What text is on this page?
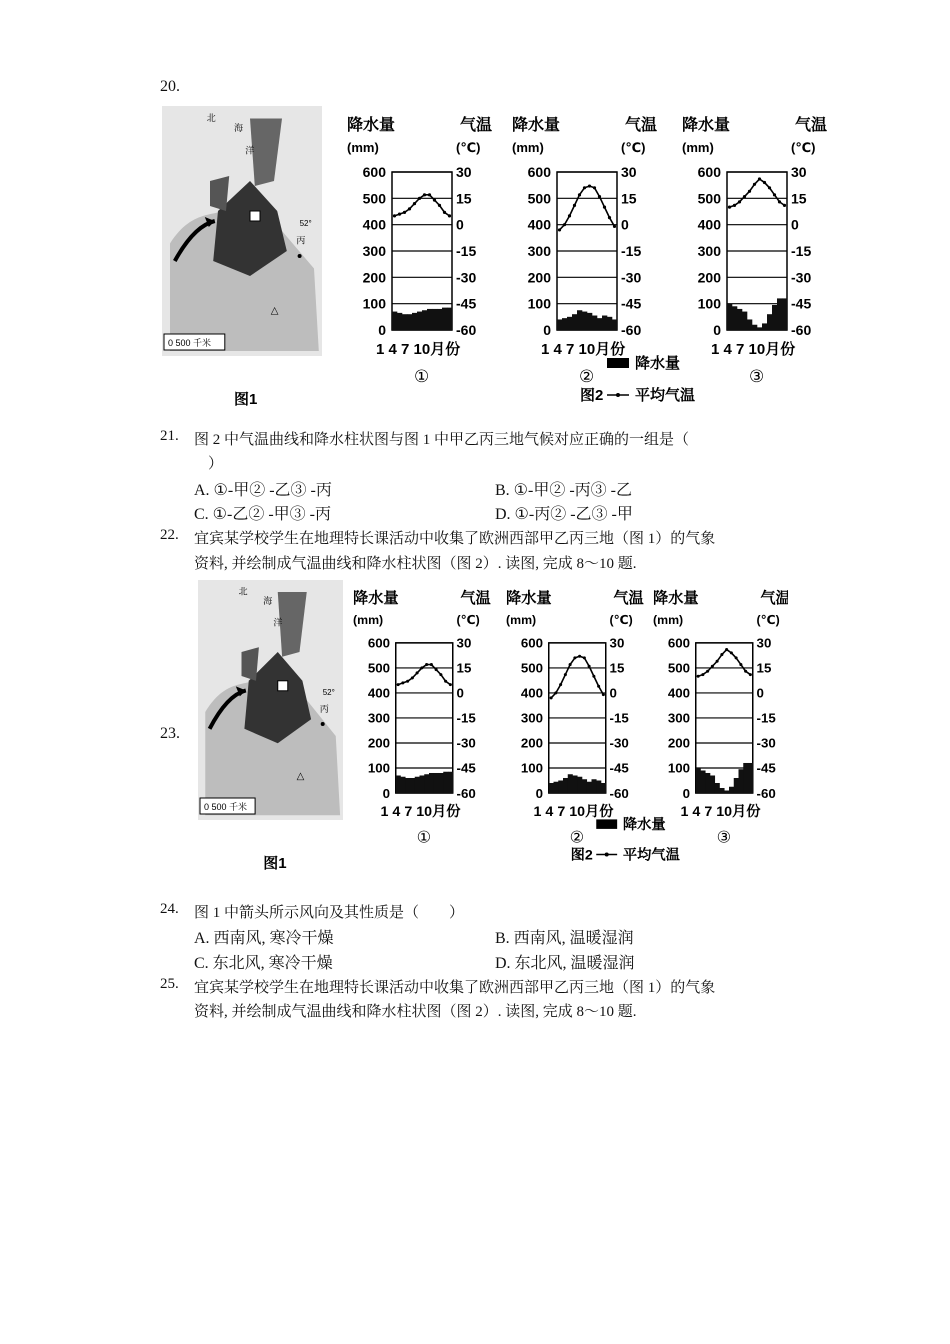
20.
北
海
洋
丙
△
52°
0 500 千米
图1
降水量
(mm)
气温
(℃)
600	30
500	15
400	0
300	-15
200	-30
100	-45
0	-60
1 4 7 10月份
①
降水量
(mm)
气温
(℃)
600	30
500	15
400	0
300	-15
200	-30
100	-45
0	-60
1 4 7 10月份
②
降水量
(mm)
气温
(℃)
600	30
500	15
400	0
300	-15
200	-30
100	-45
0	-60
1 4 7 10月份
③
降水量
平均气温
图2
21. 图 2 中气温曲线和降水柱状图与图 1 中甲乙丙三地气候对应正确的一组是（
）
A. ①-甲② -乙③ -丙	B. ①-甲② -丙③ -乙
C. ①-乙② -甲③ -丙	D. ①-丙② -乙③ -甲
22. 宜宾某学校学生在地理特长课活动中收集了欧洲西部甲乙丙三地（图 1）的气象
资料, 并绘制成气温曲线和降水柱状图（图 2）. 读图, 完成 8～10 题.
23.
北
海
洋
丙
△
52°
0 500 千米
图1
降水量
(mm)
气温
(℃)
600	30
500	15
400	0
300	-15
200	-30
100	-45
0	-60
1 4 7 10月份
①
降水量
(mm)
气温
(℃)
600	30
500	15
400	0
300	-15
200	-30
100	-45
0	-60
1 4 7 10月份
②
降水量
(mm)
气温
(℃)
600	30
500	15
400	0
300	-15
200	-30
100	-45
0	-60
1 4 7 10月份
③
降水量
平均气温
图2
24. 图 1 中箭头所示风向及其性质是（　　）
A. 西南风, 寒冷干燥	B. 西南风, 温暖湿润
C. 东北风, 寒冷干燥	D. 东北风, 温暖湿润
25. 宜宾某学校学生在地理特长课活动中收集了欧洲西部甲乙丙三地（图 1）的气象
资料, 并绘制成气温曲线和降水柱状图（图 2）. 读图, 完成 8～10 题.
